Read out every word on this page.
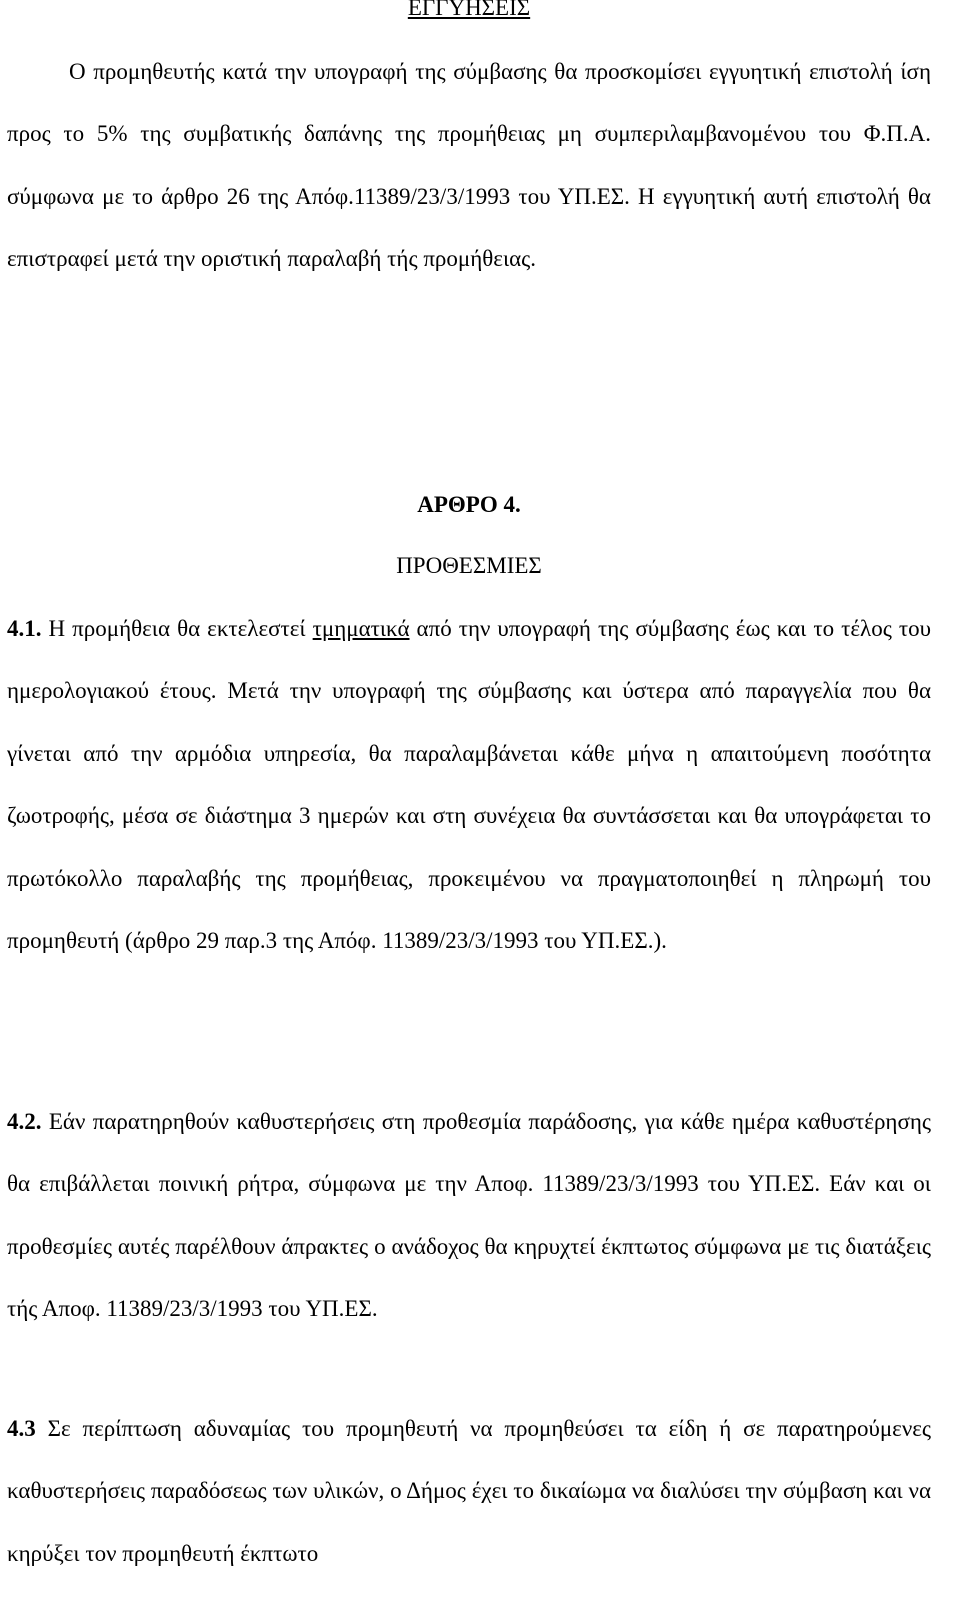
ΕΓΓΥΗΣΕΙΣ

Ο προμηθευτής κατά την υπογραφή της σύμβασης θα προσκομίσει εγγυητική επιστολή ίση προς το 5% της συμβατικής δαπάνης της προμήθειας μη συμπεριλαμβανομένου του Φ.Π.Α. σύμφωνα με το άρθρο 26 της Απόφ.11389/23/3/1993 του ΥΠ.ΕΣ. Η εγγυητική αυτή επιστολή θα επιστραφεί μετά την οριστική παραλαβή τής προμήθειας.

ΑΡΘΡΟ 4.

ΠΡΟΘΕΣΜΙΕΣ

4.1. Η προμήθεια θα εκτελεστεί τμηματικά από την υπογραφή της σύμβασης έως και το τέλος του ημερολογιακού έτους. Μετά την υπογραφή της σύμβασης και ύστερα από παραγγελία που θα γίνεται από την αρμόδια υπηρεσία, θα παραλαμβάνεται κάθε μήνα η απαιτούμενη ποσότητα ζωοτροφής, μέσα σε διάστημα 3 ημερών και στη συνέχεια θα συντάσσεται και θα υπογράφεται το πρωτόκολλο παραλαβής της προμήθειας, προκειμένου να πραγματοποιηθεί η πληρωμή του προμηθευτή (άρθρο 29 παρ.3 της Απόφ. 11389/23/3/1993 του ΥΠ.ΕΣ.).

4.2. Εάν παρατηρηθούν καθυστερήσεις στη προθεσμία παράδοσης, για κάθε ημέρα καθυστέρησης θα επιβάλλεται ποινική ρήτρα, σύμφωνα με την Αποφ. 11389/23/3/1993 του ΥΠ.ΕΣ. Εάν και οι προθεσμίες αυτές παρέλθουν άπρακτες ο ανάδοχος θα κηρυχτεί έκπτωτος σύμφωνα με τις διατάξεις τής Αποφ. 11389/23/3/1993 του ΥΠ.ΕΣ.

4.3 Σε περίπτωση αδυναμίας του προμηθευτή να προμηθεύσει τα είδη ή σε παρατηρούμενες καθυστερήσεις παραδόσεως των υλικών, ο Δήμος έχει το δικαίωμα να διαλύσει την σύμβαση και να κηρύξει τον προμηθευτή έκπτωτο
